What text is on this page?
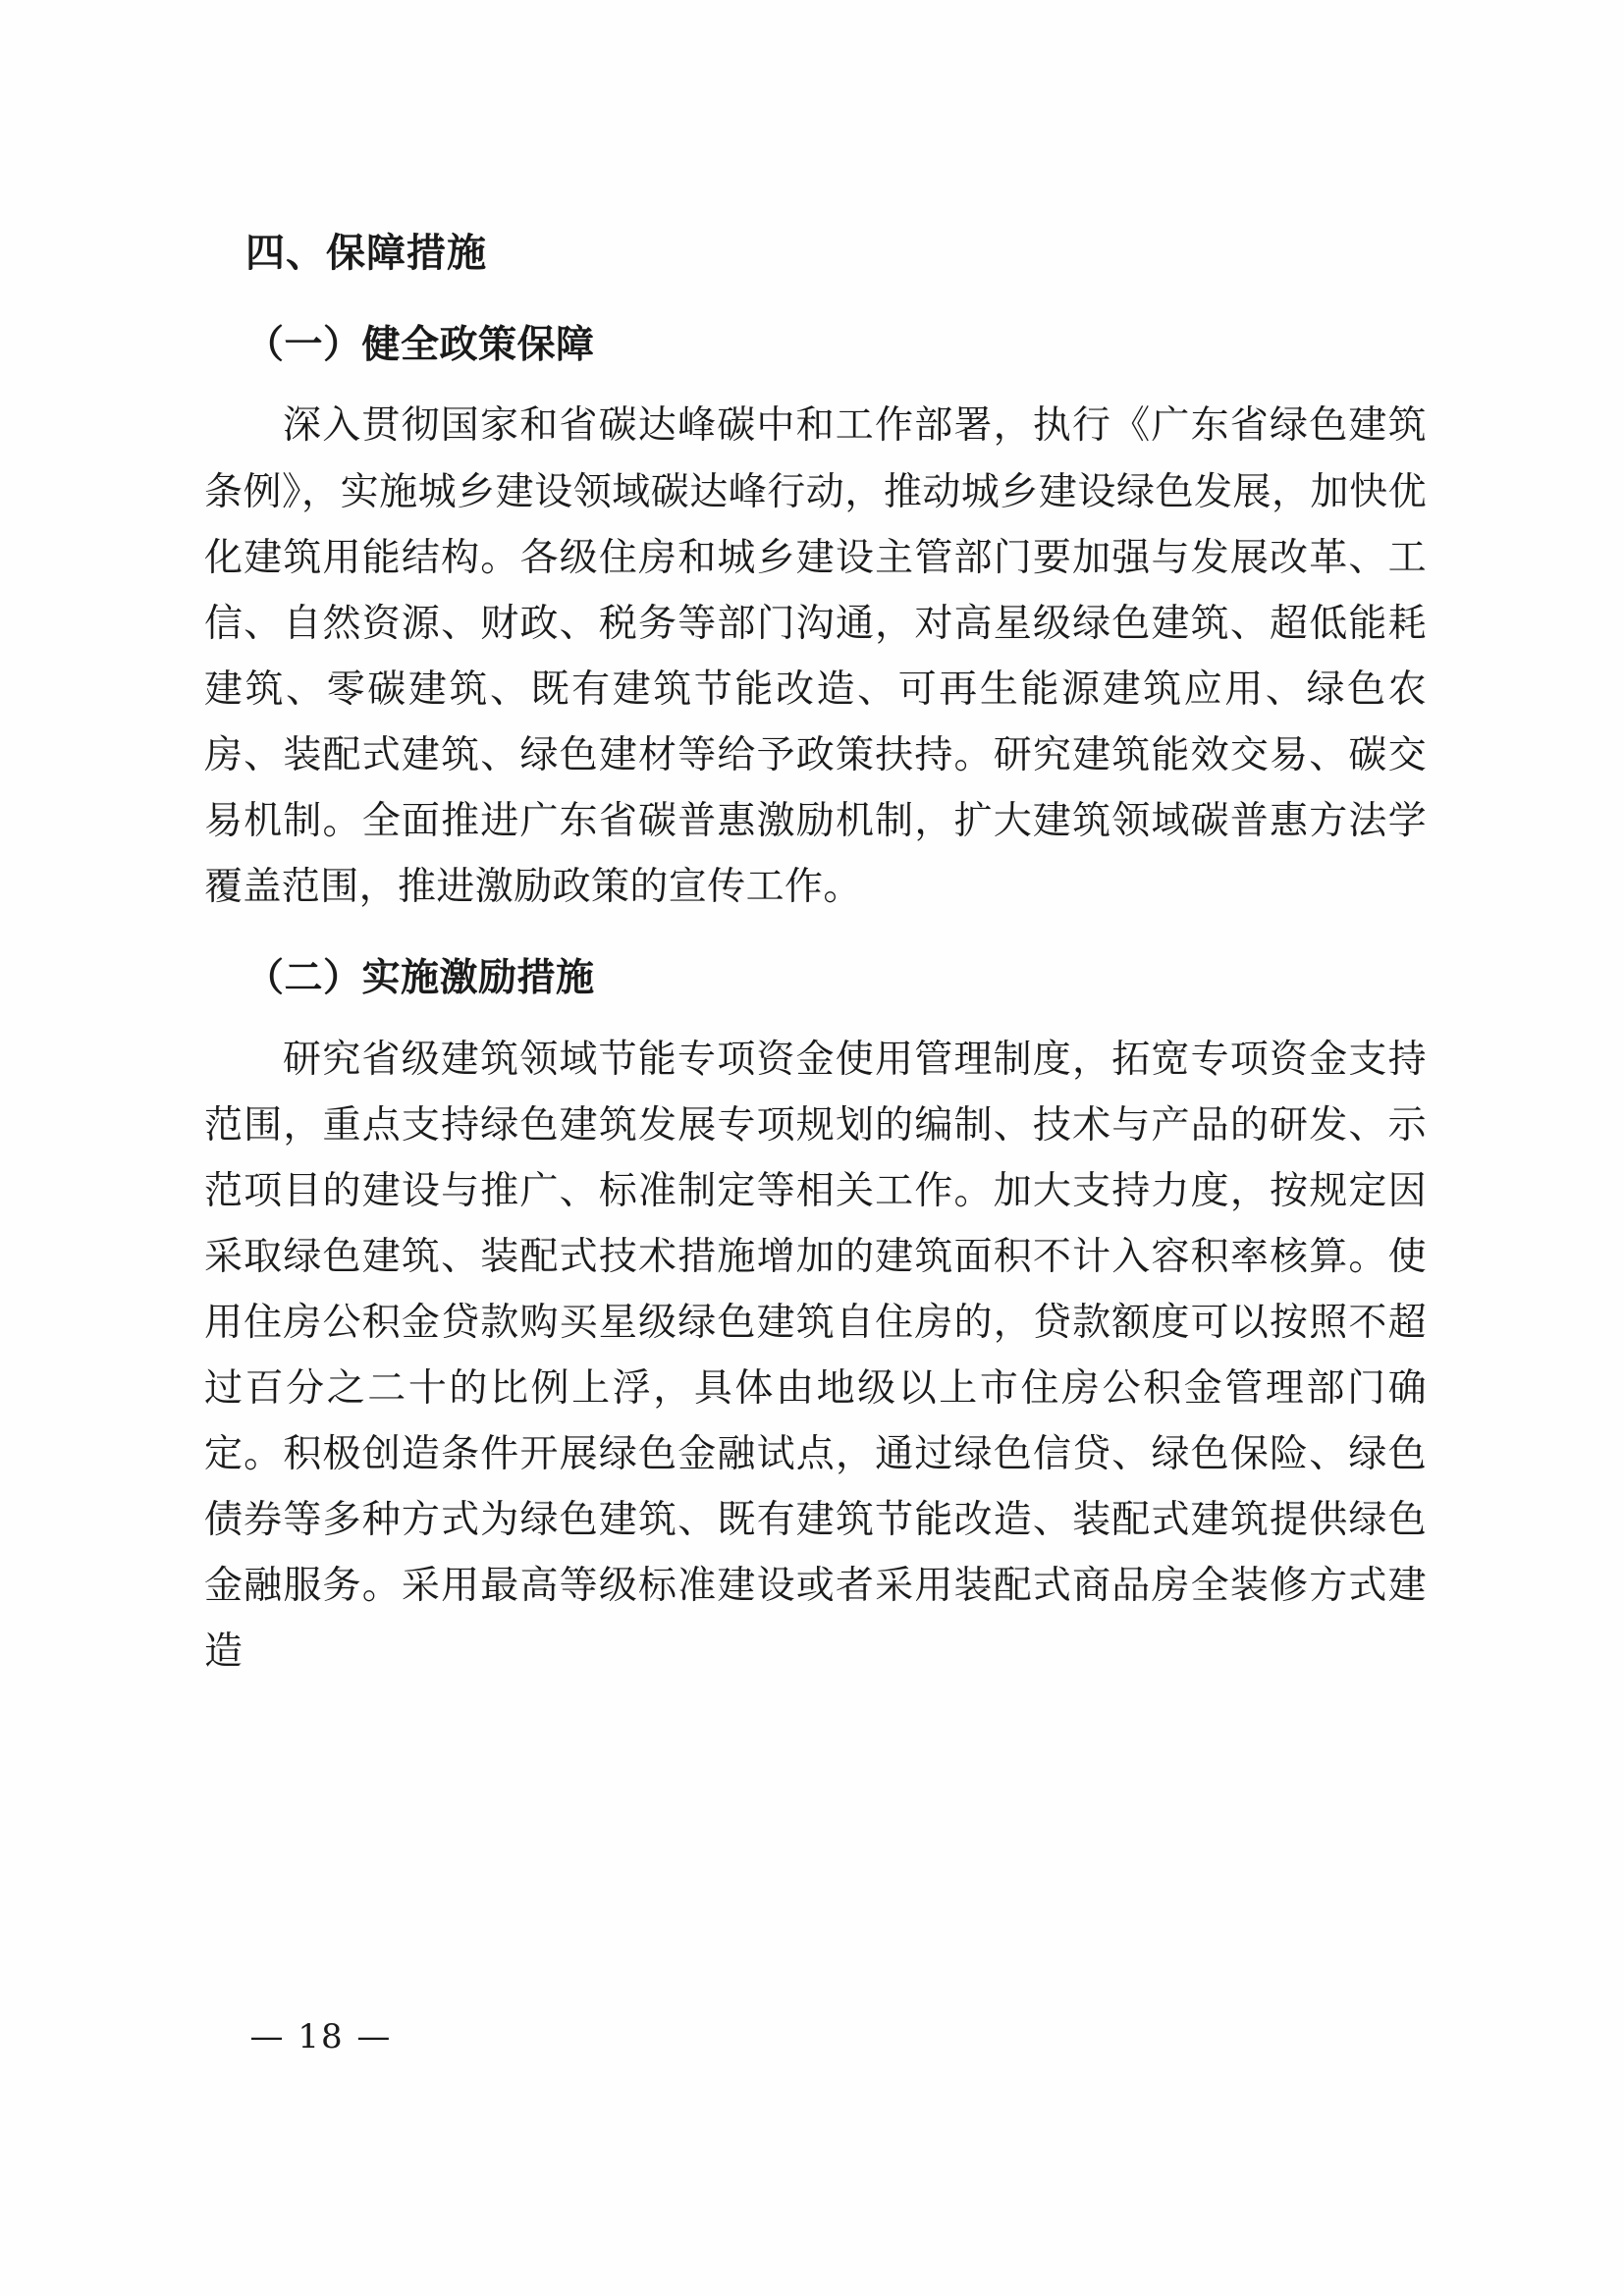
四、保障措施
（一）健全政策保障

深入贯彻国家和省碳达峰碳中和工作部署，执行《广东省绿色建筑条例》，实施城乡建设领域碳达峰行动，推动城乡建设绿色发展，加快优化建筑用能结构。各级住房和城乡建设主管部门要加强与发展改革、工信、自然资源、财政、税务等部门沟通，对高星级绿色建筑、超低能耗建筑、零碳建筑、既有建筑节能改造、可再生能源建筑应用、绿色农房、装配式建筑、绿色建材等给予政策扶持。研究建筑能效交易、碳交易机制。全面推进广东省碳普惠激励机制，扩大建筑领域碳普惠方法学覆盖范围，推进激励政策的宣传工作。

（二）实施激励措施

研究省级建筑领域节能专项资金使用管理制度，拓宽专项资金支持范围，重点支持绿色建筑发展专项规划的编制、技术与产品的研发、示范项目的建设与推广、标准制定等相关工作。加大支持力度，按规定因采取绿色建筑、装配式技术措施增加的建筑面积不计入容积率核算。使用住房公积金贷款购买星级绿色建筑自住房的，贷款额度可以按照不超过百分之二十的比例上浮，具体由地级以上市住房公积金管理部门确定。积极创造条件开展绿色金融试点，通过绿色信贷、绿色保险、绿色债券等多种方式为绿色建筑、既有建筑节能改造、装配式建筑提供绿色金融服务。采用最高等级标准建设或者采用装配式商品房全装修方式建造

— 18 —
